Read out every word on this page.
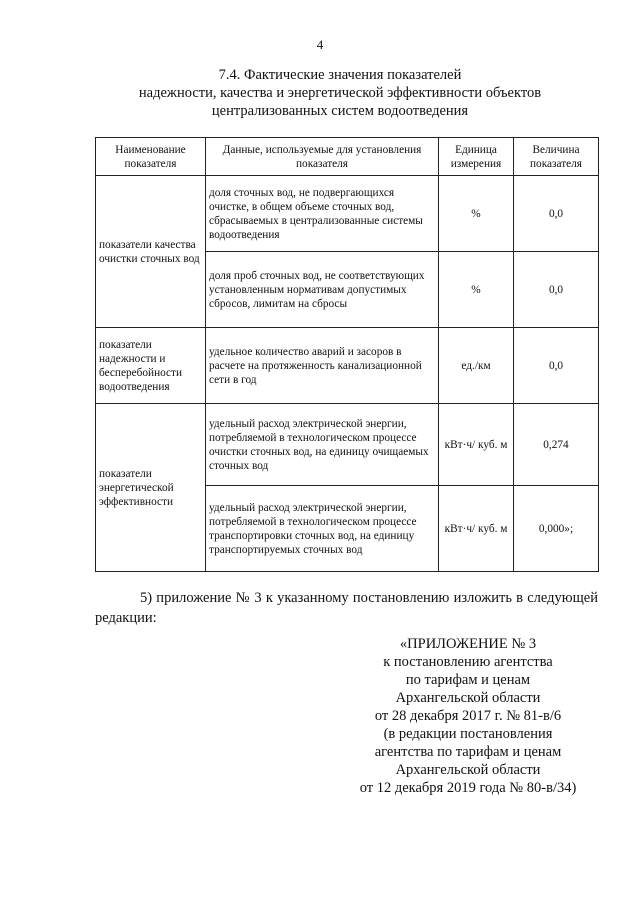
4
7.4. Фактические значения показателей
надежности, качества и энергетической эффективности объектов
централизованных систем водоотведения
Наименование показателя	Данные, используемые для установления показателя	Единица измерения	Величина показателя
показатели качества очистки сточных вод	доля сточных вод, не подвергающихся очистке, в общем объеме сточных вод, сбрасываемых в централизованные системы водоотведения	%	0,0
	доля проб сточных вод, не соответствующих установленным нормативам допустимых сбросов, лимитам на сбросы	%	0,0
показатели надежности и бесперебойности водоотведения	удельное количество аварий и засоров в расчете на протяженность канализационной сети в год	ед./км	0,0
показатели энергетической эффективности	удельный расход электрической энергии, потребляемой в технологическом процессе очистки сточных вод, на единицу очищаемых сточных вод	кВт·ч/ куб. м	0,274
	удельный расход электрической энергии, потребляемой в технологическом процессе транспортировки сточных вод, на единицу транспортируемых сточных вод	кВт·ч/ куб. м	0,000»;
5) приложение № 3 к указанному постановлению изложить в следующей редакции:
«ПРИЛОЖЕНИЕ № 3
к постановлению агентства
по тарифам и ценам
Архангельской области
от 28 декабря 2017 г. № 81-в/6
(в редакции постановления
агентства по тарифам и ценам
Архангельской области
от 12 декабря 2019 года № 80-в/34)
